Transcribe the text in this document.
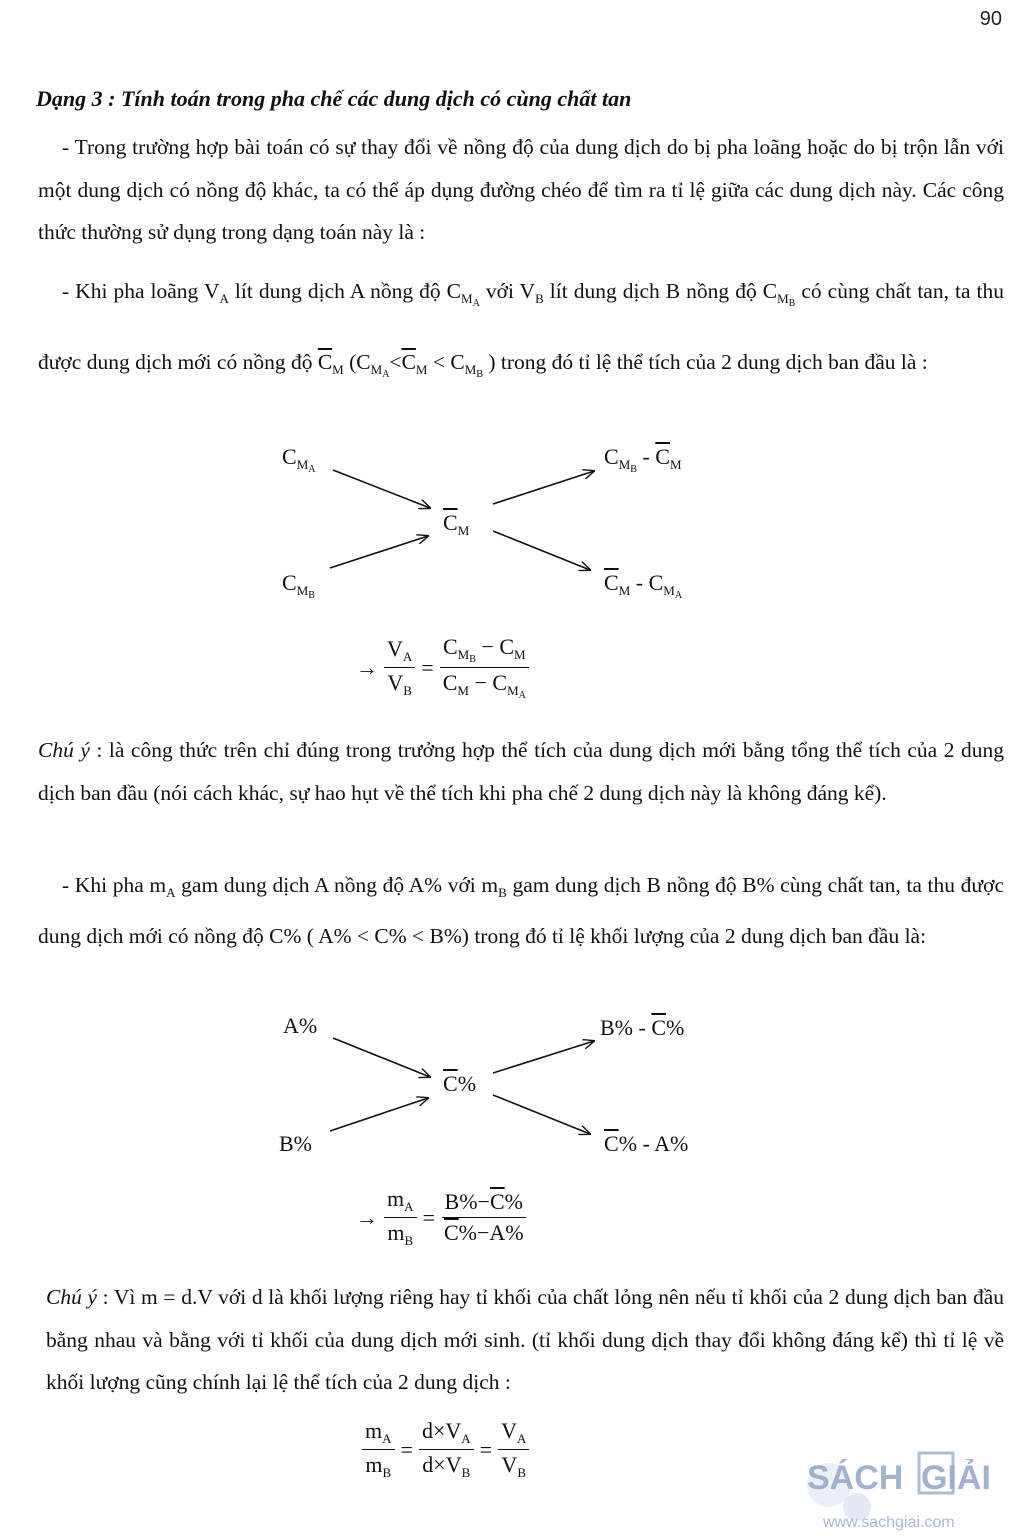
90
Dạng 3 : Tính toán trong pha chế các dung dịch có cùng chất tan

- Trong trường hợp bài toán có sự thay đổi về nồng độ của dung dịch do bị pha loãng hoặc do bị trộn lẫn với một dung dịch có nồng độ khác, ta có thể áp dụng đường chéo để tìm ra tỉ lệ giữa các dung dịch này. Các công thức thường sử dụng trong dạng toán này là :

- Khi pha loãng $V_A$ lít dung dịch A nồng độ $C_{M_A}$ với $V_B$ lít dung dịch B nồng độ $C_{M_B}$ có cùng chất tan, ta thu được dung dịch mới có nồng độ $\overline{C}_M$ ($C_{M_A}<\overline{C}_M < C_{M_B}$ ) trong đó tỉ lệ thể tích của 2 dung dịch ban đầu là :

$C_{M_A}$
$\overline{C}_M$
$C_{M_B}$
$C_{M_B} - \overline{C}_M$
$\overline{C}_M - C_{M_A}$
→ $\frac{V_A}{V_B} = \frac{C_{M_B} - C_M}{C_M - C_{M_A}}$

Chú ý : là công thức trên chỉ đúng trong trưởng hợp thể tích của dung dịch mới bằng tổng thể tích của 2 dung dịch ban đầu (nói cách khác, sự hao hụt về thể tích khi pha chế 2 dung dịch này là không đáng kể).

- Khi pha $m_A$ gam dung dịch A nồng độ A% với $m_B$ gam dung dịch B nồng độ B% cùng chất tan, ta thu được dung dịch mới có nồng độ C% ( A% < C% < B%) trong đó tỉ lệ khối lượng của 2 dung dịch ban đầu là:

A%
$\overline{C}\%$
B%
$B\% - \overline{C}\%$
$\overline{C}\% - A\%$
→ $\frac{m_A}{m_B} = \frac{B\%-\overline{C}\%}{\overline{C}\%-A\%}$

Chú ý : Vì m = d.V với d là khối lượng riêng hay tỉ khối của chất lỏng nên nếu tỉ khối của 2 dung dịch ban đầu bằng nhau và bằng với tỉ khối của dung dịch mới sinh. (tỉ khối dung dịch thay đổi không đáng kể) thì tỉ lệ về khối lượng cũng chính lại lệ thể tích của 2 dung dịch :

$\frac{m_A}{m_B} = \frac{d\times V_A}{d\times V_B} = \frac{V_A}{V_B}$	SÁCH GIẢI
www.sachgiai.com
